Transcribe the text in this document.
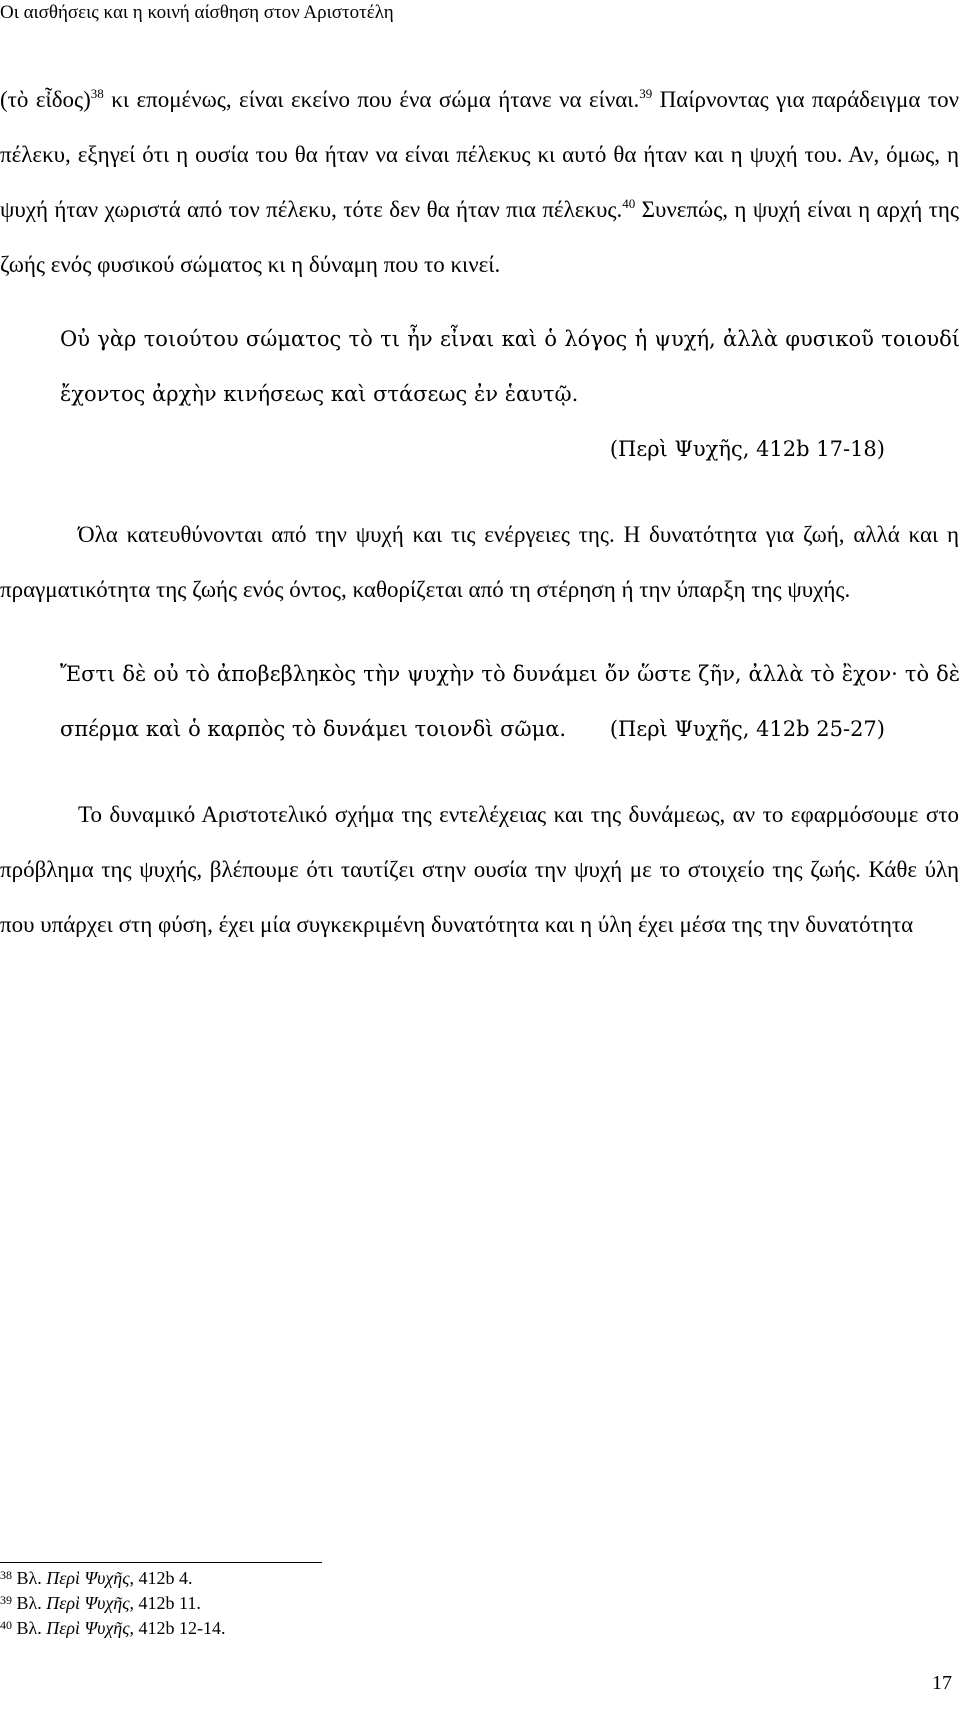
Οι αισθήσεις και η κοινή αίσθηση στον Αριστοτέλη

(τὸ εἶδος)$^{38}$ κι επομένως, είναι εκείνο που ένα σώμα ήτανε να είναι.$^{39}$ Παίρνοντας για παράδειγμα τον πέλεκυ, εξηγεί ότι η ουσία του θα ήταν να είναι πέλεκυς κι αυτό θα ήταν και η ψυχή του. Αν, όμως, η ψυχή ήταν χωριστά από τον πέλεκυ, τότε δεν θα ήταν πια πέλεκυς.$^{40}$ Συνεπώς, η ψυχή είναι η αρχή της ζωής ενός φυσικού σώματος κι η δύναμη που το κινεί.

Οὐ γὰρ τοιούτου σώματος τὸ τι ἦν εἶναι καὶ ὁ λόγος ἡ ψυχή, ἀλλὰ φυσικοῦ τοιουδί ἔχοντος ἀρχὴν κινήσεως καὶ στάσεως ἐν ἑαυτῷ.

(Περὶ Ψυχῆς, 412b 17-18)

Όλα κατευθύνονται από την ψυχή και τις ενέργειες της. Η δυνατότητα για ζωή, αλλά και η πραγματικότητα της ζωής ενός όντος, καθορίζεται από τη στέρηση ή την ύπαρξη της ψυχής.

Ἔστι δὲ οὐ τὸ ἀποβεβληκὸς τὴν ψυχὴν τὸ δυνάμει ὄν ὥστε ζῆν, ἀλλὰ τὸ ἒχον· τὸ δὲ σπέρμα καὶ ὁ καρπὸς τὸ δυνάμει τοιονδὶ σῶμα.	(Περὶ Ψυχῆς, 412b 25-27)

Το δυναμικό Αριστοτελικό σχήμα της εντελέχειας και της δυνάμεως, αν το εφαρμόσουμε στο πρόβλημα της ψυχής, βλέπουμε ότι ταυτίζει στην ουσία την ψυχή με το στοιχείο της ζωής. Κάθε ύλη που υπάρχει στη φύση, έχει μία συγκεκριμένη δυνατότητα και η ύλη έχει μέσα της την δυνατότητα

$^{38}$ Βλ. Περὶ Ψυχῆς, 412b 4.
$^{39}$ Βλ. Περὶ Ψυχῆς, 412b 11.
$^{40}$ Βλ. Περὶ Ψυχῆς, 412b 12-14.
17
